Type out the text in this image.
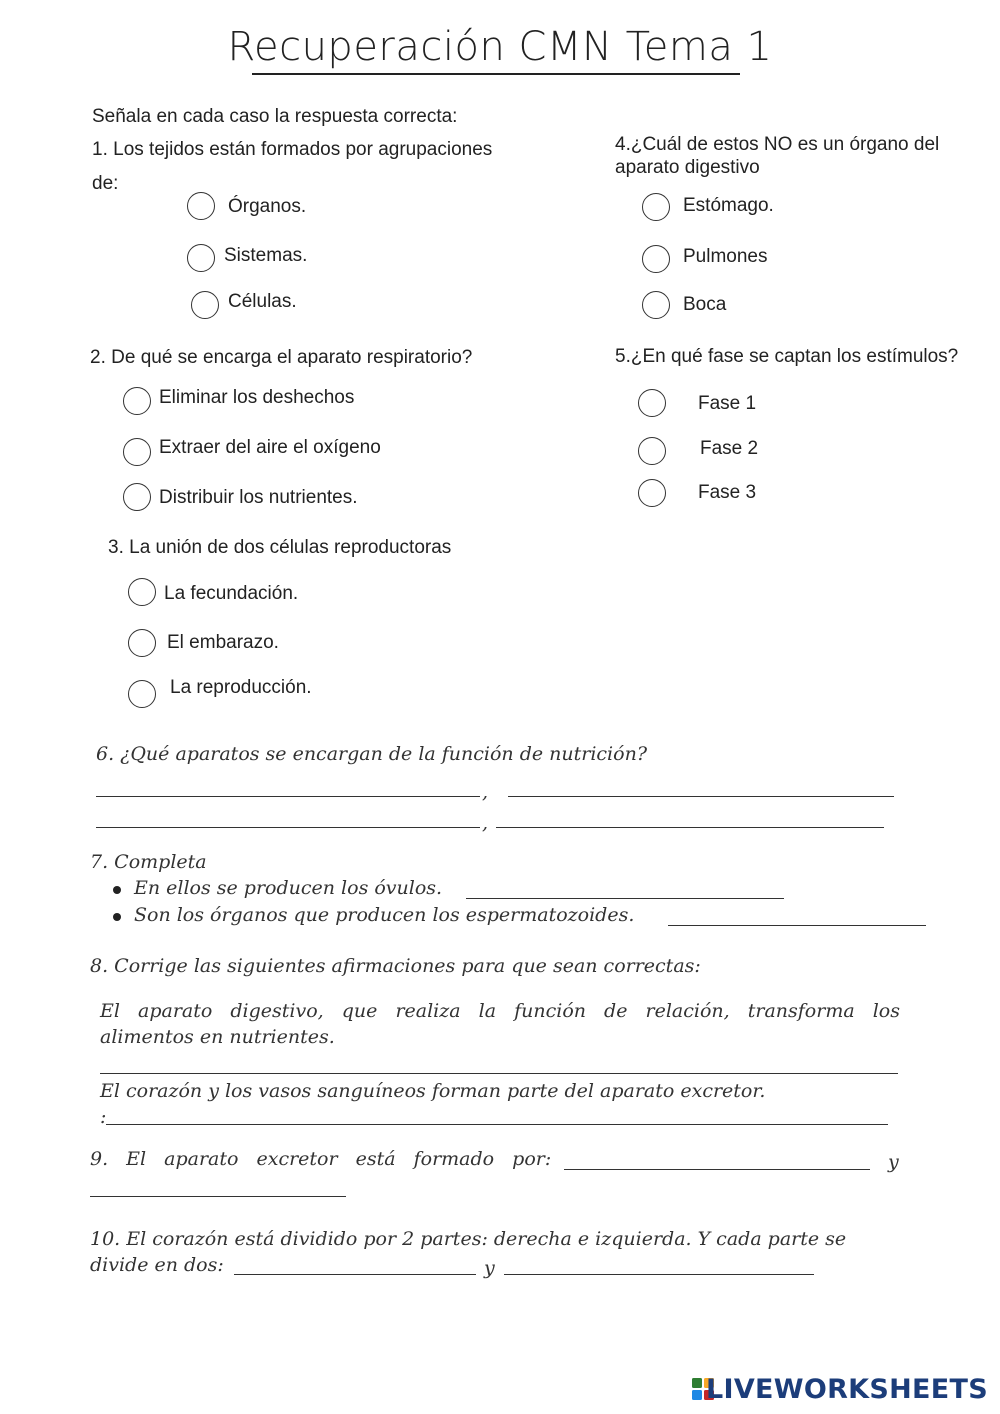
Recuperación CMN Tema 1
Señala en cada caso la respuesta correcta:
1. Los tejidos están formados por agrupaciones
de:
Órganos.
Sistemas.
Células.
4.¿Cuál de estos NO es un órgano del
aparato digestivo
Estómago.
Pulmones
Boca
2. De qué se encarga el aparato respiratorio?
Eliminar los deshechos
Extraer del aire el oxígeno
Distribuir los nutrientes.
5.¿En qué fase se captan los estímulos?
Fase 1
Fase 2
Fase 3
3. La unión de dos células reproductoras
La fecundación.
El embarazo.
La reproducción.
6. ¿Qué aparatos se encargan de la función de nutrición?
,
,
7. Completa
En ellos se producen los óvulos.
Son los órganos que producen los espermatozoides.
8. Corrige las siguientes afirmaciones para que sean correctas:
El aparato digestivo, que realiza la función de relación, transforma los
alimentos en nutrientes.
El corazón y los vasos sanguíneos forman parte del aparato excretor.
:
9. El aparato excretor está formado por:	y
10. El corazón está dividido por 2 partes: derecha e izquierda. Y cada parte se
divide en dos:	y
LIVEWORKSHEETS
